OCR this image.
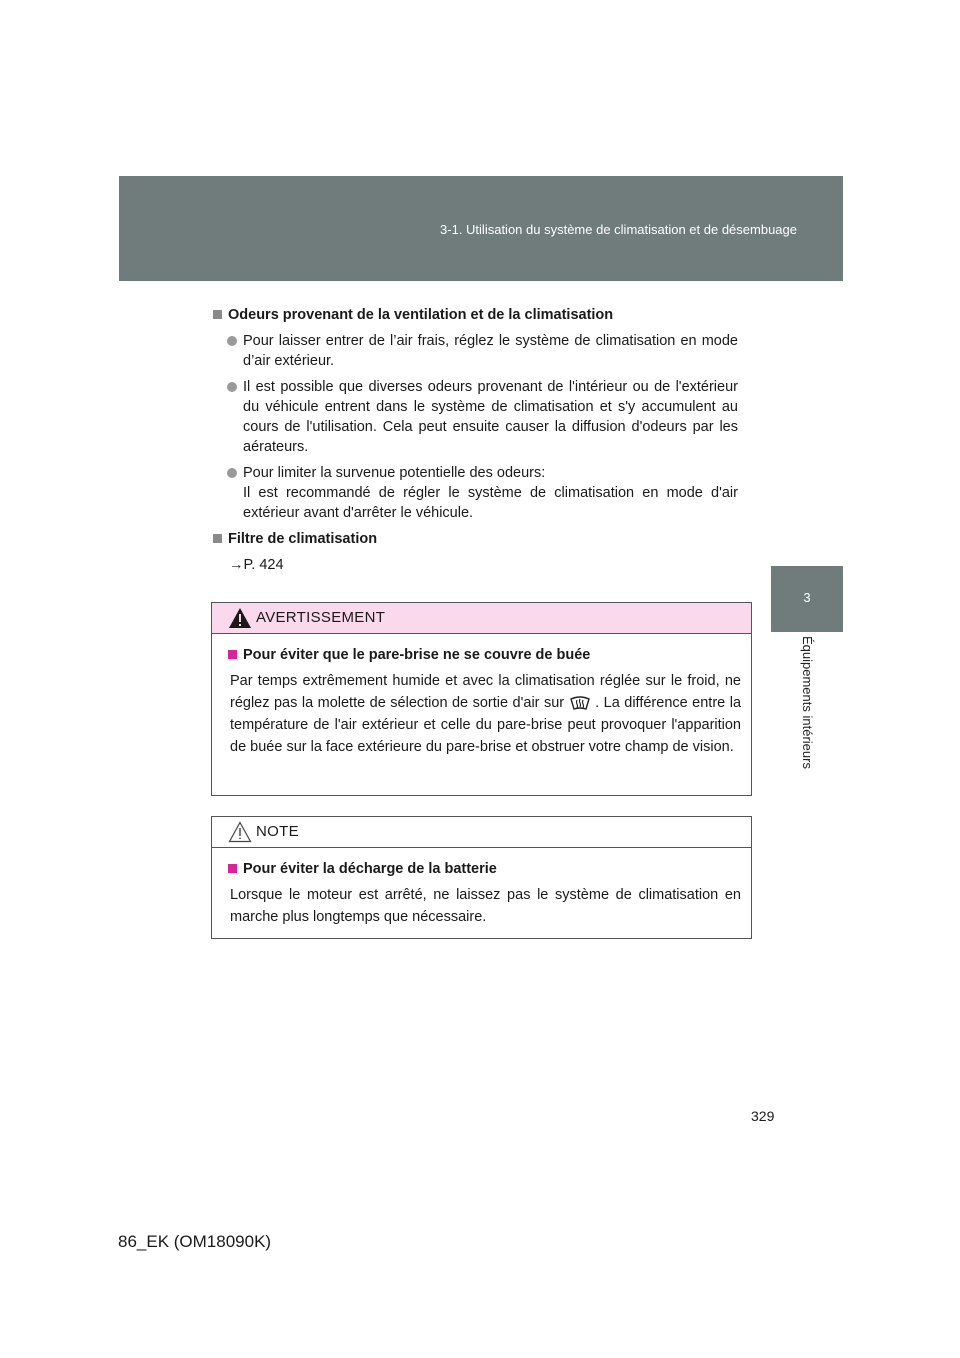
3-1. Utilisation du système de climatisation et de désembuage
3
Équipements intérieurs
Odeurs provenant de la ventilation et de la climatisation
Pour laisser entrer de l’air frais, réglez le système de climatisation en mode d’air extérieur.
Il est possible que diverses odeurs provenant de l'intérieur ou de l'extérieur du véhicule entrent dans le système de climatisation et s'y accumulent au cours de l'utilisation. Cela peut ensuite causer la diffusion d'odeurs par les aérateurs.
Pour limiter la survenue potentielle des odeurs:
Il est recommandé de régler le système de climatisation en mode d'air extérieur avant d'arrêter le véhicule.
Filtre de climatisation
→P. 424
AVERTISSEMENT
Pour éviter que le pare-brise ne se couvre de buée
Par temps extrêmement humide et avec la climatisation réglée sur le froid, ne réglez pas la molette de sélection de sortie d'air sur . La différence entre la température de l'air extérieur et celle du pare-brise peut provoquer l'apparition de buée sur la face extérieure du pare-brise et obstruer votre champ de vision.
NOTE
Pour éviter la décharge de la batterie
Lorsque le moteur est arrêté, ne laissez pas le système de climatisation en marche plus longtemps que nécessaire.
329
86_EK (OM18090K)
